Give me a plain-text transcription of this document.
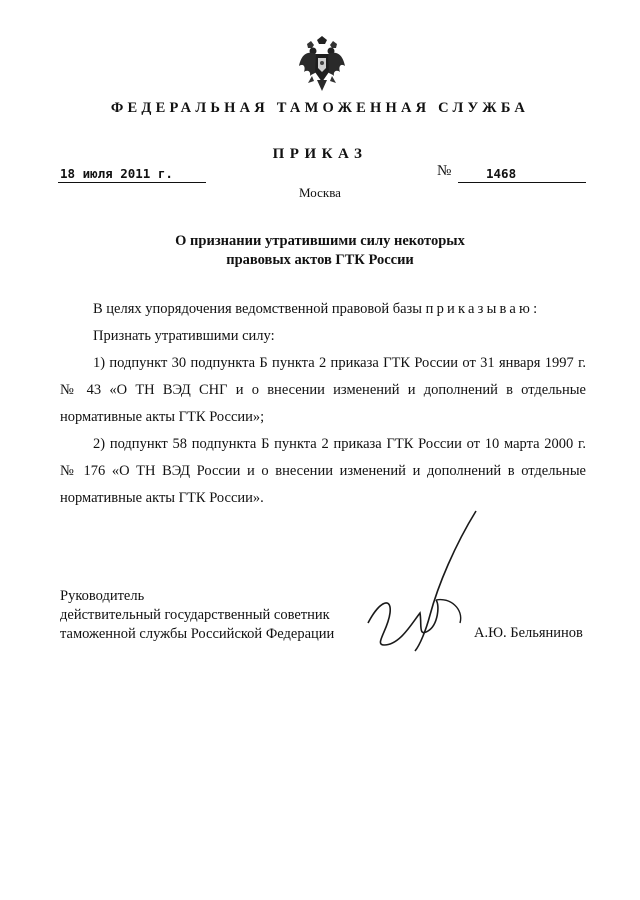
ФЕДЕРАЛЬНАЯ ТАМОЖЕННАЯ СЛУЖБА
ПРИКАЗ
18 июля 2011 г.	№	1468
Москва
О признании утратившими силу некоторых
правовых актов ГТК России

В целях упорядочения ведомственной правовой базы приказываю:

Признать утратившими силу:

1) подпункт 30 подпункта Б пункта 2 приказа ГТК России от 31 января 1997 г. № 43 «О ТН ВЭД СНГ и о внесении изменений и дополнений в отдельные нормативные акты ГТК России»;

2) подпункт 58 подпункта Б пункта 2 приказа ГТК России от 10 марта 2000 г. № 176 «О ТН ВЭД России и о внесении изменений и дополнений в отдельные нормативные акты ГТК России».

Руководитель
действительный государственный советник
таможенной службы Российской Федерации	А.Ю. Бельянинов
